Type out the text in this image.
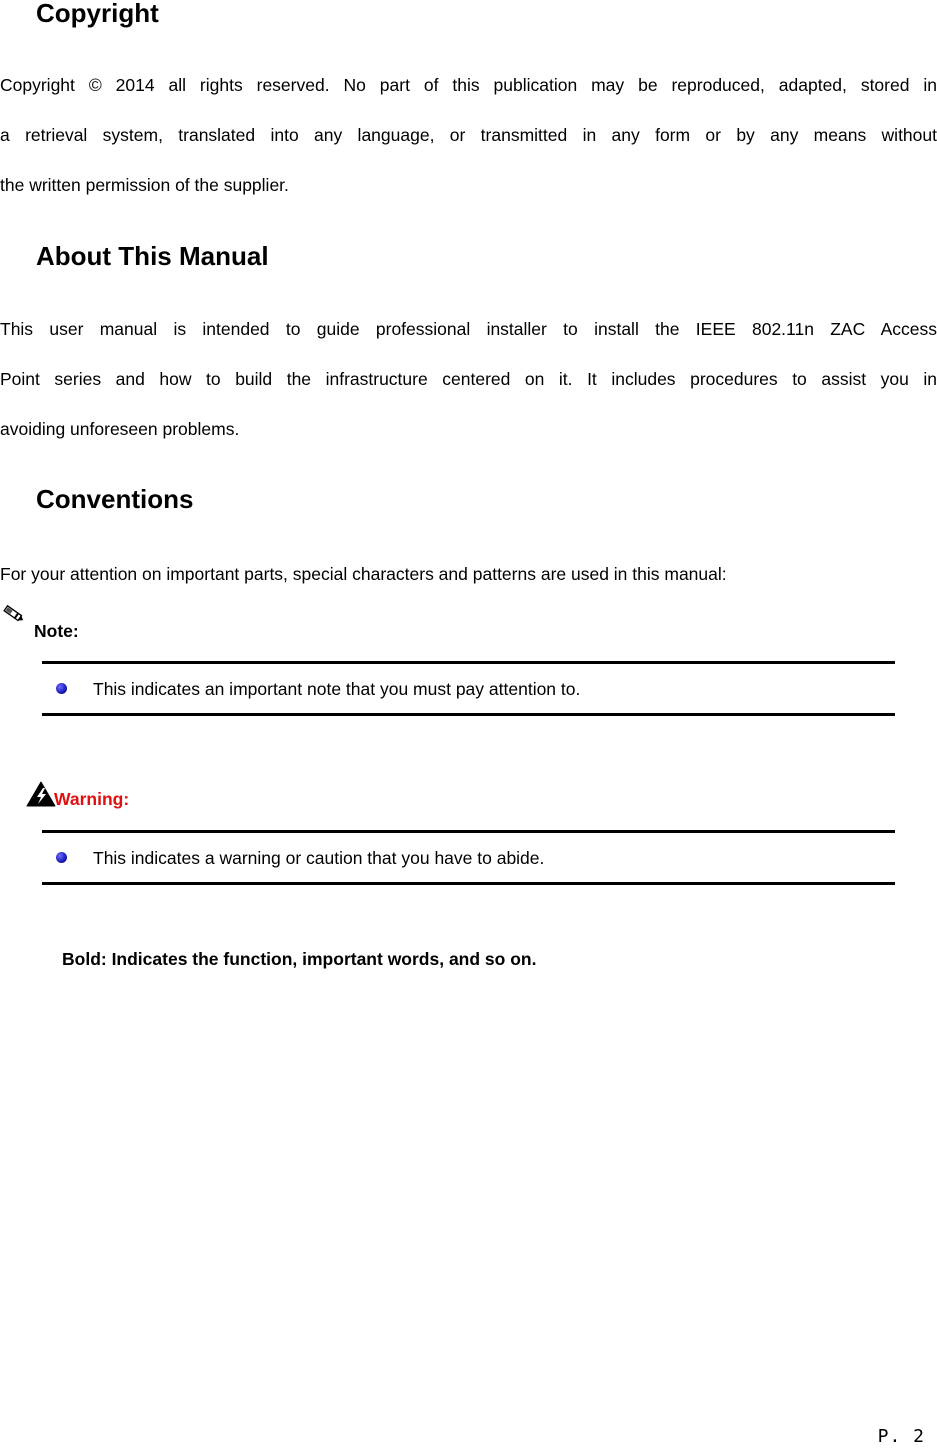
Copyright
Copyright © 2014 all rights reserved. No part of this publication may be reproduced, adapted, stored in
a retrieval system, translated into any language, or transmitted in any form or by any means without
the written permission of the supplier.
About This Manual
This user manual is intended to guide professional installer to install the IEEE 802.11n ZAC Access
Point series and how to build the infrastructure centered on it. It includes procedures to assist you in
avoiding unforeseen problems.
Conventions

For your attention on important parts, special characters and patterns are used in this manual:

Note:

This indicates an important note that you must pay attention to.

Warning:

This indicates a warning or caution that you have to abide.

Bold: Indicates the function, important words, and so on.

P. 2
